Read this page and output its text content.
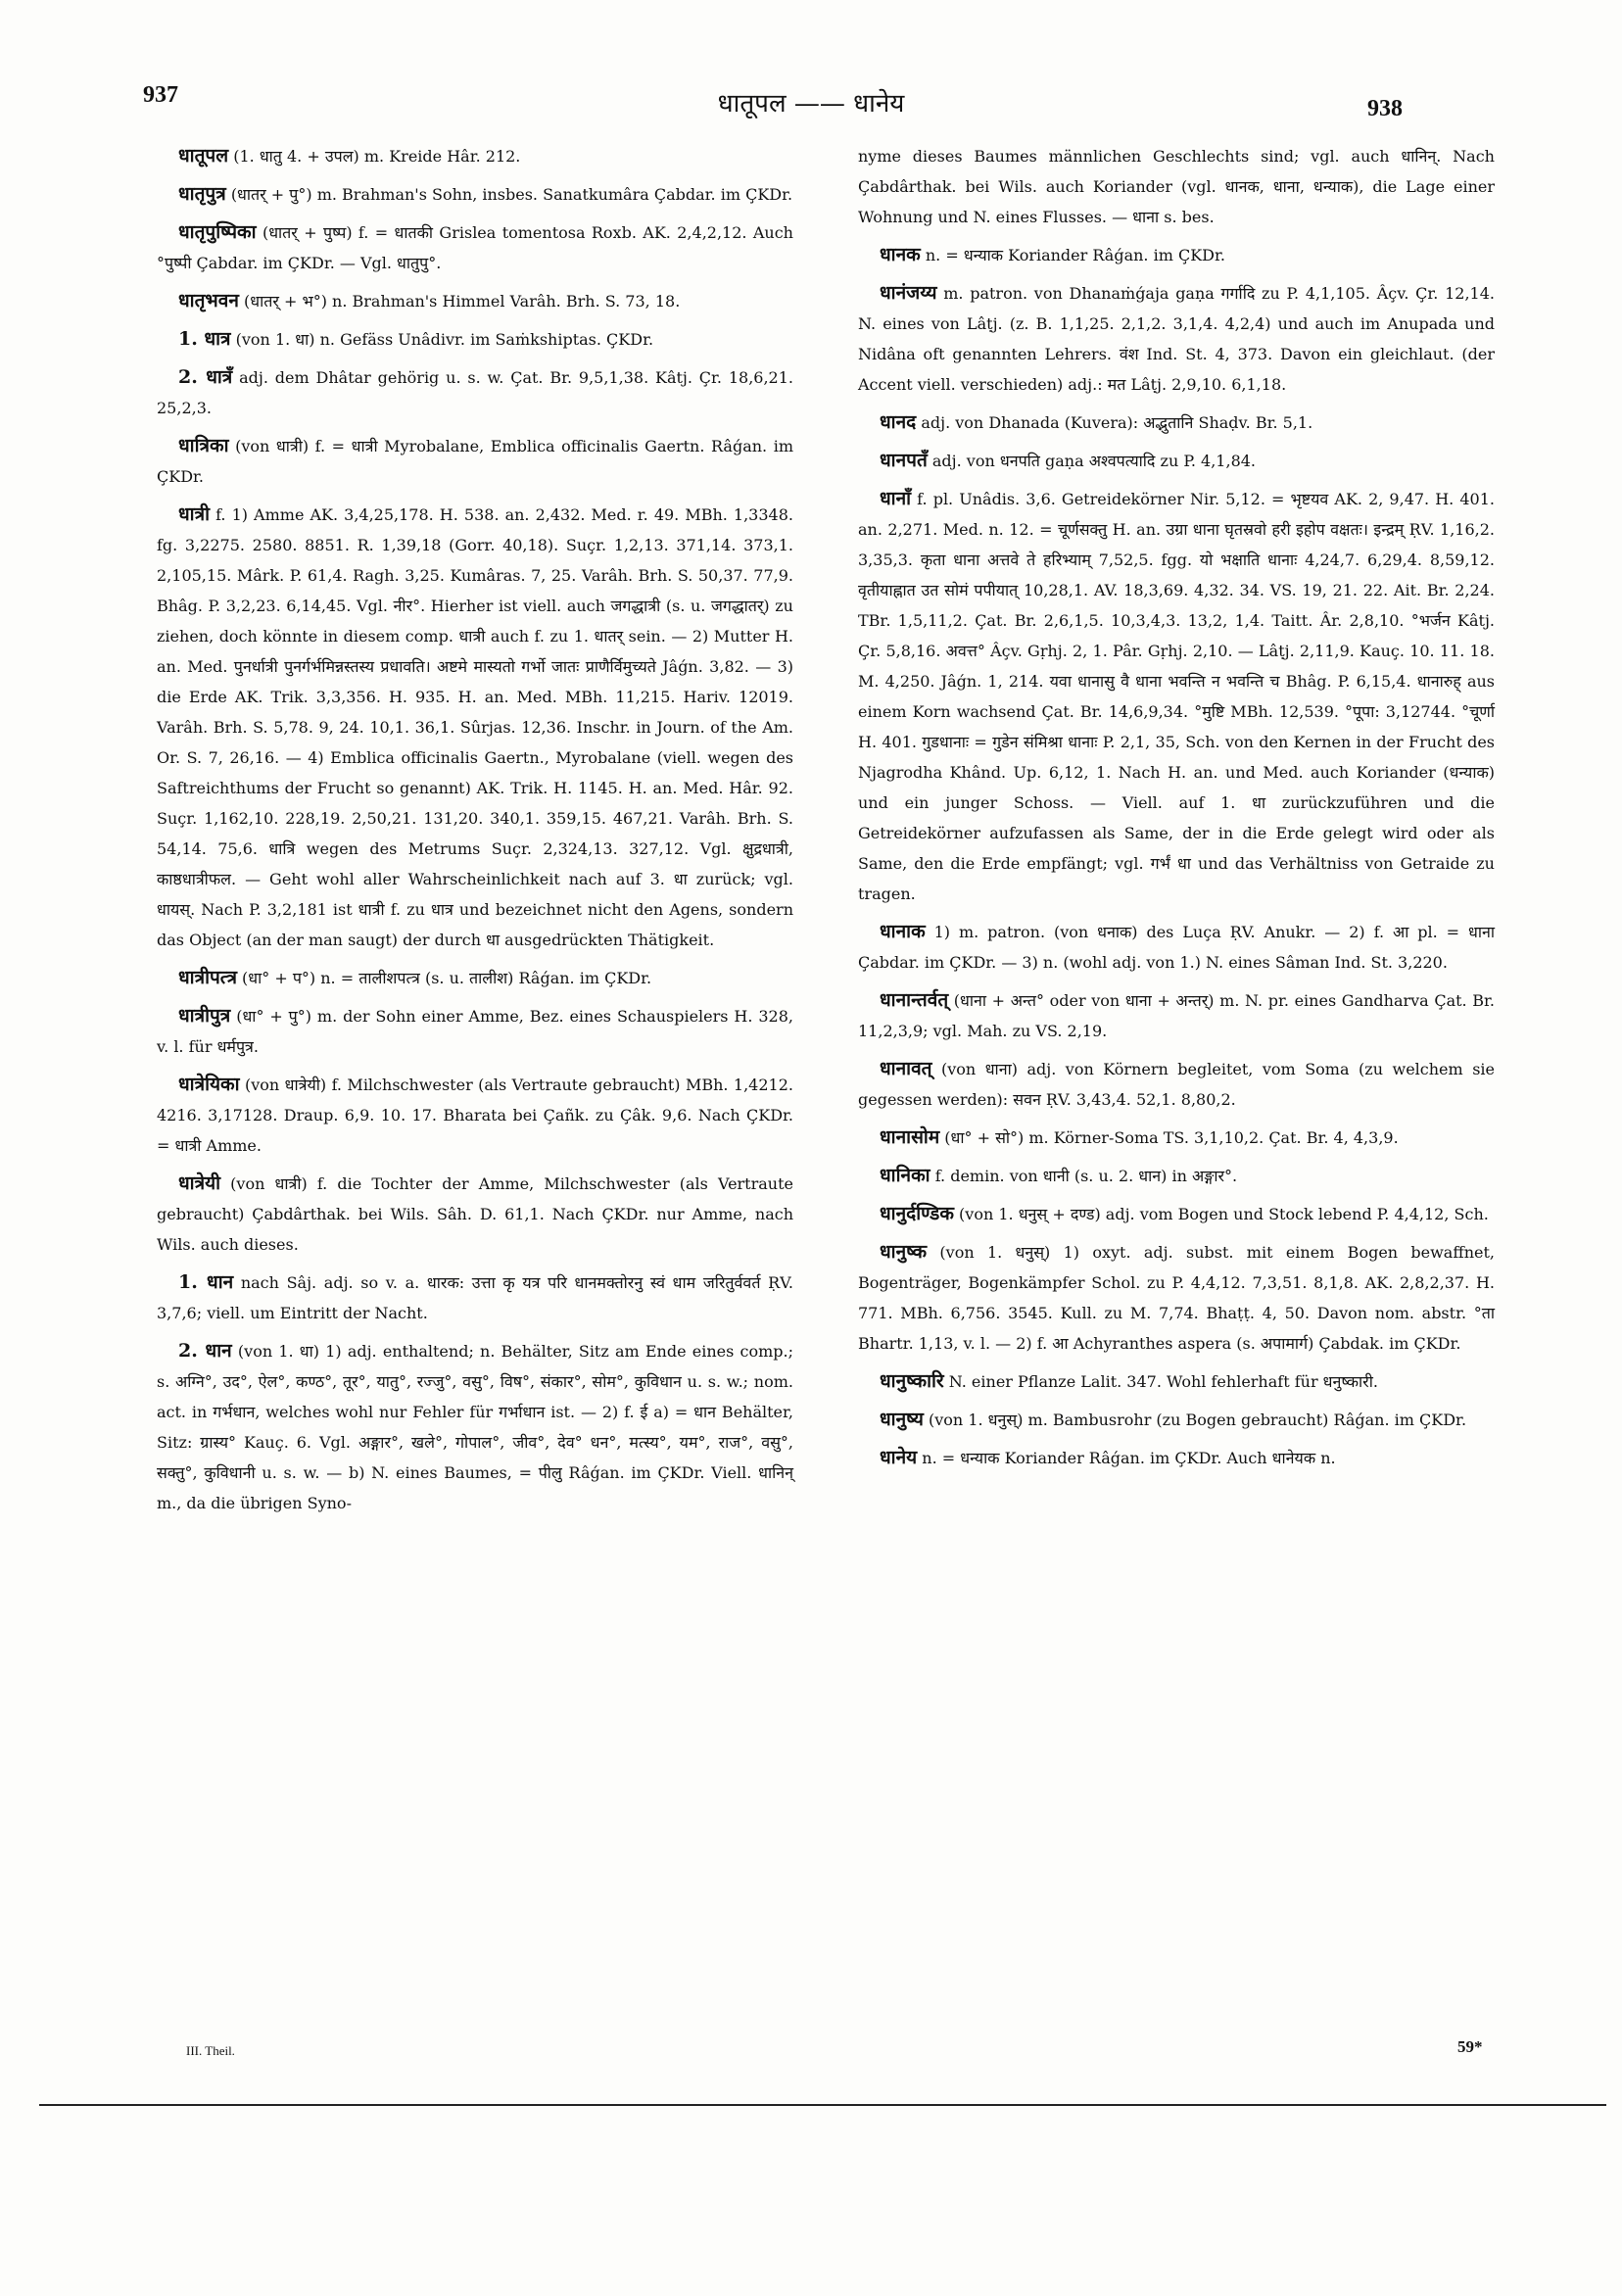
937	धातूपल —— धानेय	938

धातूपल (1. धातु 4. + उपल) m. Kreide Hâr. 212.

धातृपुत्र (धातर् + पु°) m. Brahman's Sohn, insbes. Sanatkumâra Çabdar. im ÇKDr.

धातृपुष्पिका (धातर् + पुष्प) f. = धातकी Grislea tomentosa Roxb. AK. 2,4,2,12. Auch °पुष्पी Çabdar. im ÇKDr. — Vgl. धातुपु°.

धातृभवन (धातर् + भ°) n. Brahman's Himmel Varâh. Brh. S. 73, 18.

1. धात्र (von 1. धा) n. Gefäss Unâdivr. im Saṁkshiptas. ÇKDr.

2. धात्रँ adj. dem Dhâtar gehörig u. s. w. Çat. Br. 9,5,1,38. Kâtj. Çr. 18,6,21. 25,2,3.

धात्रिका (von धात्री) f. = धात्री Myrobalane, Emblica officinalis Gaertn. Râǵan. im ÇKDr.

धात्री f. 1) Amme AK. 3,4,25,178. H. 538. an. 2,432. Med. r. 49. MBh. 1,3348. fg. 3,2275. 2580. 8851. R. 1,39,18 (Gorr. 40,18). Suçr. 1,2,13. 371,14. 373,1. 2,105,15. Mârk. P. 61,4. Ragh. 3,25. Kumâras. 7, 25. Varâh. Brh. S. 50,37. 77,9. Bhâg. P. 3,2,23. 6,14,45. Vgl. नीर°. Hierher ist viell. auch जगद्धात्री (s. u. जगद्धातर्) zu ziehen, doch könnte in diesem comp. धात्री auch f. zu 1. धातर् sein. — 2) Mutter H. an. Med. पुनर्धात्री पुनर्गर्भमिन्नस्तस्य प्रधावति। अष्टमे मास्यतो गर्भो जातः प्राणैर्विमुच्यते Jâǵn. 3,82. — 3) die Erde AK. Trik. 3,3,356. H. 935. H. an. Med. MBh. 11,215. Hariv. 12019. Varâh. Brh. S. 5,78. 9, 24. 10,1. 36,1. Sûrjas. 12,36. Inschr. in Journ. of the Am. Or. S. 7, 26,16. — 4) Emblica officinalis Gaertn., Myrobalane (viell. wegen des Saftreichthums der Frucht so genannt) AK. Trik. H. 1145. H. an. Med. Hâr. 92. Suçr. 1,162,10. 228,19. 2,50,21. 131,20. 340,1. 359,15. 467,21. Varâh. Brh. S. 54,14. 75,6. धात्रि wegen des Metrums Suçr. 2,324,13. 327,12. Vgl. क्षुद्रधात्री, काष्ठधात्रीफल. — Geht wohl aller Wahrscheinlichkeit nach auf 3. धा zurück; vgl. धायस्. Nach P. 3,2,181 ist धात्री f. zu धात्र und bezeichnet nicht den Agens, sondern das Object (an der man saugt) der durch धा ausgedrückten Thätigkeit.

धात्रीपत्त्र (धा° + प°) n. = तालीशपत्त्र (s. u. तालीश) Râǵan. im ÇKDr.

धात्रीपुत्र (धा° + पु°) m. der Sohn einer Amme, Bez. eines Schauspielers H. 328, v. l. für धर्मपुत्र.

धात्रेयिका (von धात्रेयी) f. Milchschwester (als Vertraute gebraucht) MBh. 1,4212. 4216. 3,17128. Draup. 6,9. 10. 17. Bharata bei Çañk. zu Çâk. 9,6. Nach ÇKDr. = धात्री Amme.

धात्रेयी (von धात्री) f. die Tochter der Amme, Milchschwester (als Vertraute gebraucht) Çabdârthak. bei Wils. Sâh. D. 61,1. Nach ÇKDr. nur Amme, nach Wils. auch dieses.

1. धान nach Sâj. adj. so v. a. धारक: उत्ता कृ यत्र परि धानमक्तोरनु स्वं धाम जरितुर्ववर्त ṚV. 3,7,6; viell. um Eintritt der Nacht.

2. धान (von 1. धा) 1) adj. enthaltend; n. Behälter, Sitz am Ende eines comp.; s. अग्नि°, उद°, ऐल°, कण्ठ°, तूर°, यातु°, रज्जु°, वसु°, विष°, संकार°, सोम°, कुविधान u. s. w.; nom. act. in गर्भधान, welches wohl nur Fehler für गर्भाधान ist. — 2) f. ई a) = धान Behälter, Sitz: ग्रास्य° Kauç. 6. Vgl. अङ्गार°, खले°, गोपाल°, जीव°, देव° धन°, मत्स्य°, यम°, राज°, वसु°, सक्तु°, कुविधानी u. s. w. — b) N. eines Baumes, = पीलु Râǵan. im ÇKDr. Viell. धानिन् m., da die übrigen Syno-

nyme dieses Baumes männlichen Geschlechts sind; vgl. auch धानिन्. Nach Çabdârthak. bei Wils. auch Koriander (vgl. धानक, धाना, धन्याक), die Lage einer Wohnung und N. eines Flusses. — धाना s. bes.

धानक n. = धन्याक Koriander Râǵan. im ÇKDr.

धानंजय्य m. patron. von Dhanaṁǵaja gaṇa गर्गादि zu P. 4,1,105. Âçv. Çr. 12,14. N. eines von Lâṭj. (z. B. 1,1,25. 2,1,2. 3,1,4. 4,2,4) und auch im Anupada und Nidâna oft genannten Lehrers. वंश Ind. St. 4, 373. Davon ein gleichlaut. (der Accent viell. verschieden) adj.: मत Lâṭj. 2,9,10. 6,1,18.

धानद adj. von Dhanada (Kuvera): अद्भुतानि Shaḍv. Br. 5,1.

धानपतँ adj. von धनपति gaṇa अश्वपत्यादि zu P. 4,1,84.

धानाँ f. pl. Unâdis. 3,6. Getreidekörner Nir. 5,12. = भृष्टयव AK. 2, 9,47. H. 401. an. 2,271. Med. n. 12. = चूर्णसक्तु H. an. उग्रा धाना घृतस्रवो हरी इहोप वक्षतः। इन्द्रम् ṚV. 1,16,2. 3,35,3. कृता धाना अत्तवे ते हरिभ्याम् 7,52,5. fgg. यो भक्षाति धानाः 4,24,7. 6,29,4. 8,59,12. वृतीयाह्नात उत सोमं पपीयात् 10,28,1. AV. 18,3,69. 4,32. 34. VS. 19, 21. 22. Ait. Br. 2,24. TBr. 1,5,11,2. Çat. Br. 2,6,1,5. 10,3,4,3. 13,2, 1,4. Taitt. Âr. 2,8,10. °भर्जन Kâtj. Çr. 5,8,16. अवत्त° Âçv. Gṛhj. 2, 1. Pâr. Gṛhj. 2,10. — Lâṭj. 2,11,9. Kauç. 10. 11. 18. M. 4,250. Jâǵn. 1, 214. यवा धानासु वै धाना भवन्ति न भवन्ति च Bhâg. P. 6,15,4. धानारुह् aus einem Korn wachsend Çat. Br. 14,6,9,34. °मुष्टि MBh. 12,539. °पूपा: 3,12744. °चूर्णा H. 401. गुडधानाः = गुडेन संमिश्रा धानाः P. 2,1, 35, Sch. von den Kernen in der Frucht des Njagrodha Khând. Up. 6,12, 1. Nach H. an. und Med. auch Koriander (धन्याक) und ein junger Schoss. — Viell. auf 1. धा zurückzuführen und die Getreidekörner aufzufassen als Same, der in die Erde gelegt wird oder als Same, den die Erde empfängt; vgl. गर्भं धा und das Verhältniss von Getraide zu tragen.

धानाक 1) m. patron. (von धनाक) des Luça ṚV. Anukr. — 2) f. आ pl. = धाना Çabdar. im ÇKDr. — 3) n. (wohl adj. von 1.) N. eines Sâman Ind. St. 3,220.

धानान्तर्वत् (धाना + अन्त° oder von धाना + अन्तर्) m. N. pr. eines Gandharva Çat. Br. 11,2,3,9; vgl. Mah. zu VS. 2,19.

धानावत् (von धाना) adj. von Körnern begleitet, vom Soma (zu welchem sie gegessen werden): सवन ṚV. 3,43,4. 52,1. 8,80,2.

धानासोम (धा° + सो°) m. Körner-Soma TS. 3,1,10,2. Çat. Br. 4, 4,3,9.

धानिका f. demin. von धानी (s. u. 2. धान) in अङ्गार°.

धानुर्दण्डिक (von 1. धनुस् + दण्ड) adj. vom Bogen und Stock lebend P. 4,4,12, Sch.

धानुष्क (von 1. धनुस्) 1) oxyt. adj. subst. mit einem Bogen bewaffnet, Bogenträger, Bogenkämpfer Schol. zu P. 4,4,12. 7,3,51. 8,1,8. AK. 2,8,2,37. H. 771. MBh. 6,756. 3545. Kull. zu M. 7,74. Bhaṭṭ. 4, 50. Davon nom. abstr. °ता Bhartr. 1,13, v. l. — 2) f. आ Achyranthes aspera (s. अपामार्ग) Çabdak. im ÇKDr.

धानुष्कारि N. einer Pflanze Lalit. 347. Wohl fehlerhaft für धनुष्कारी.

धानुष्य (von 1. धनुस्) m. Bambusrohr (zu Bogen gebraucht) Râǵan. im ÇKDr.

धानेय n. = धन्याक Koriander Râǵan. im ÇKDr. Auch धानेयक n.

III. Theil.	59*
